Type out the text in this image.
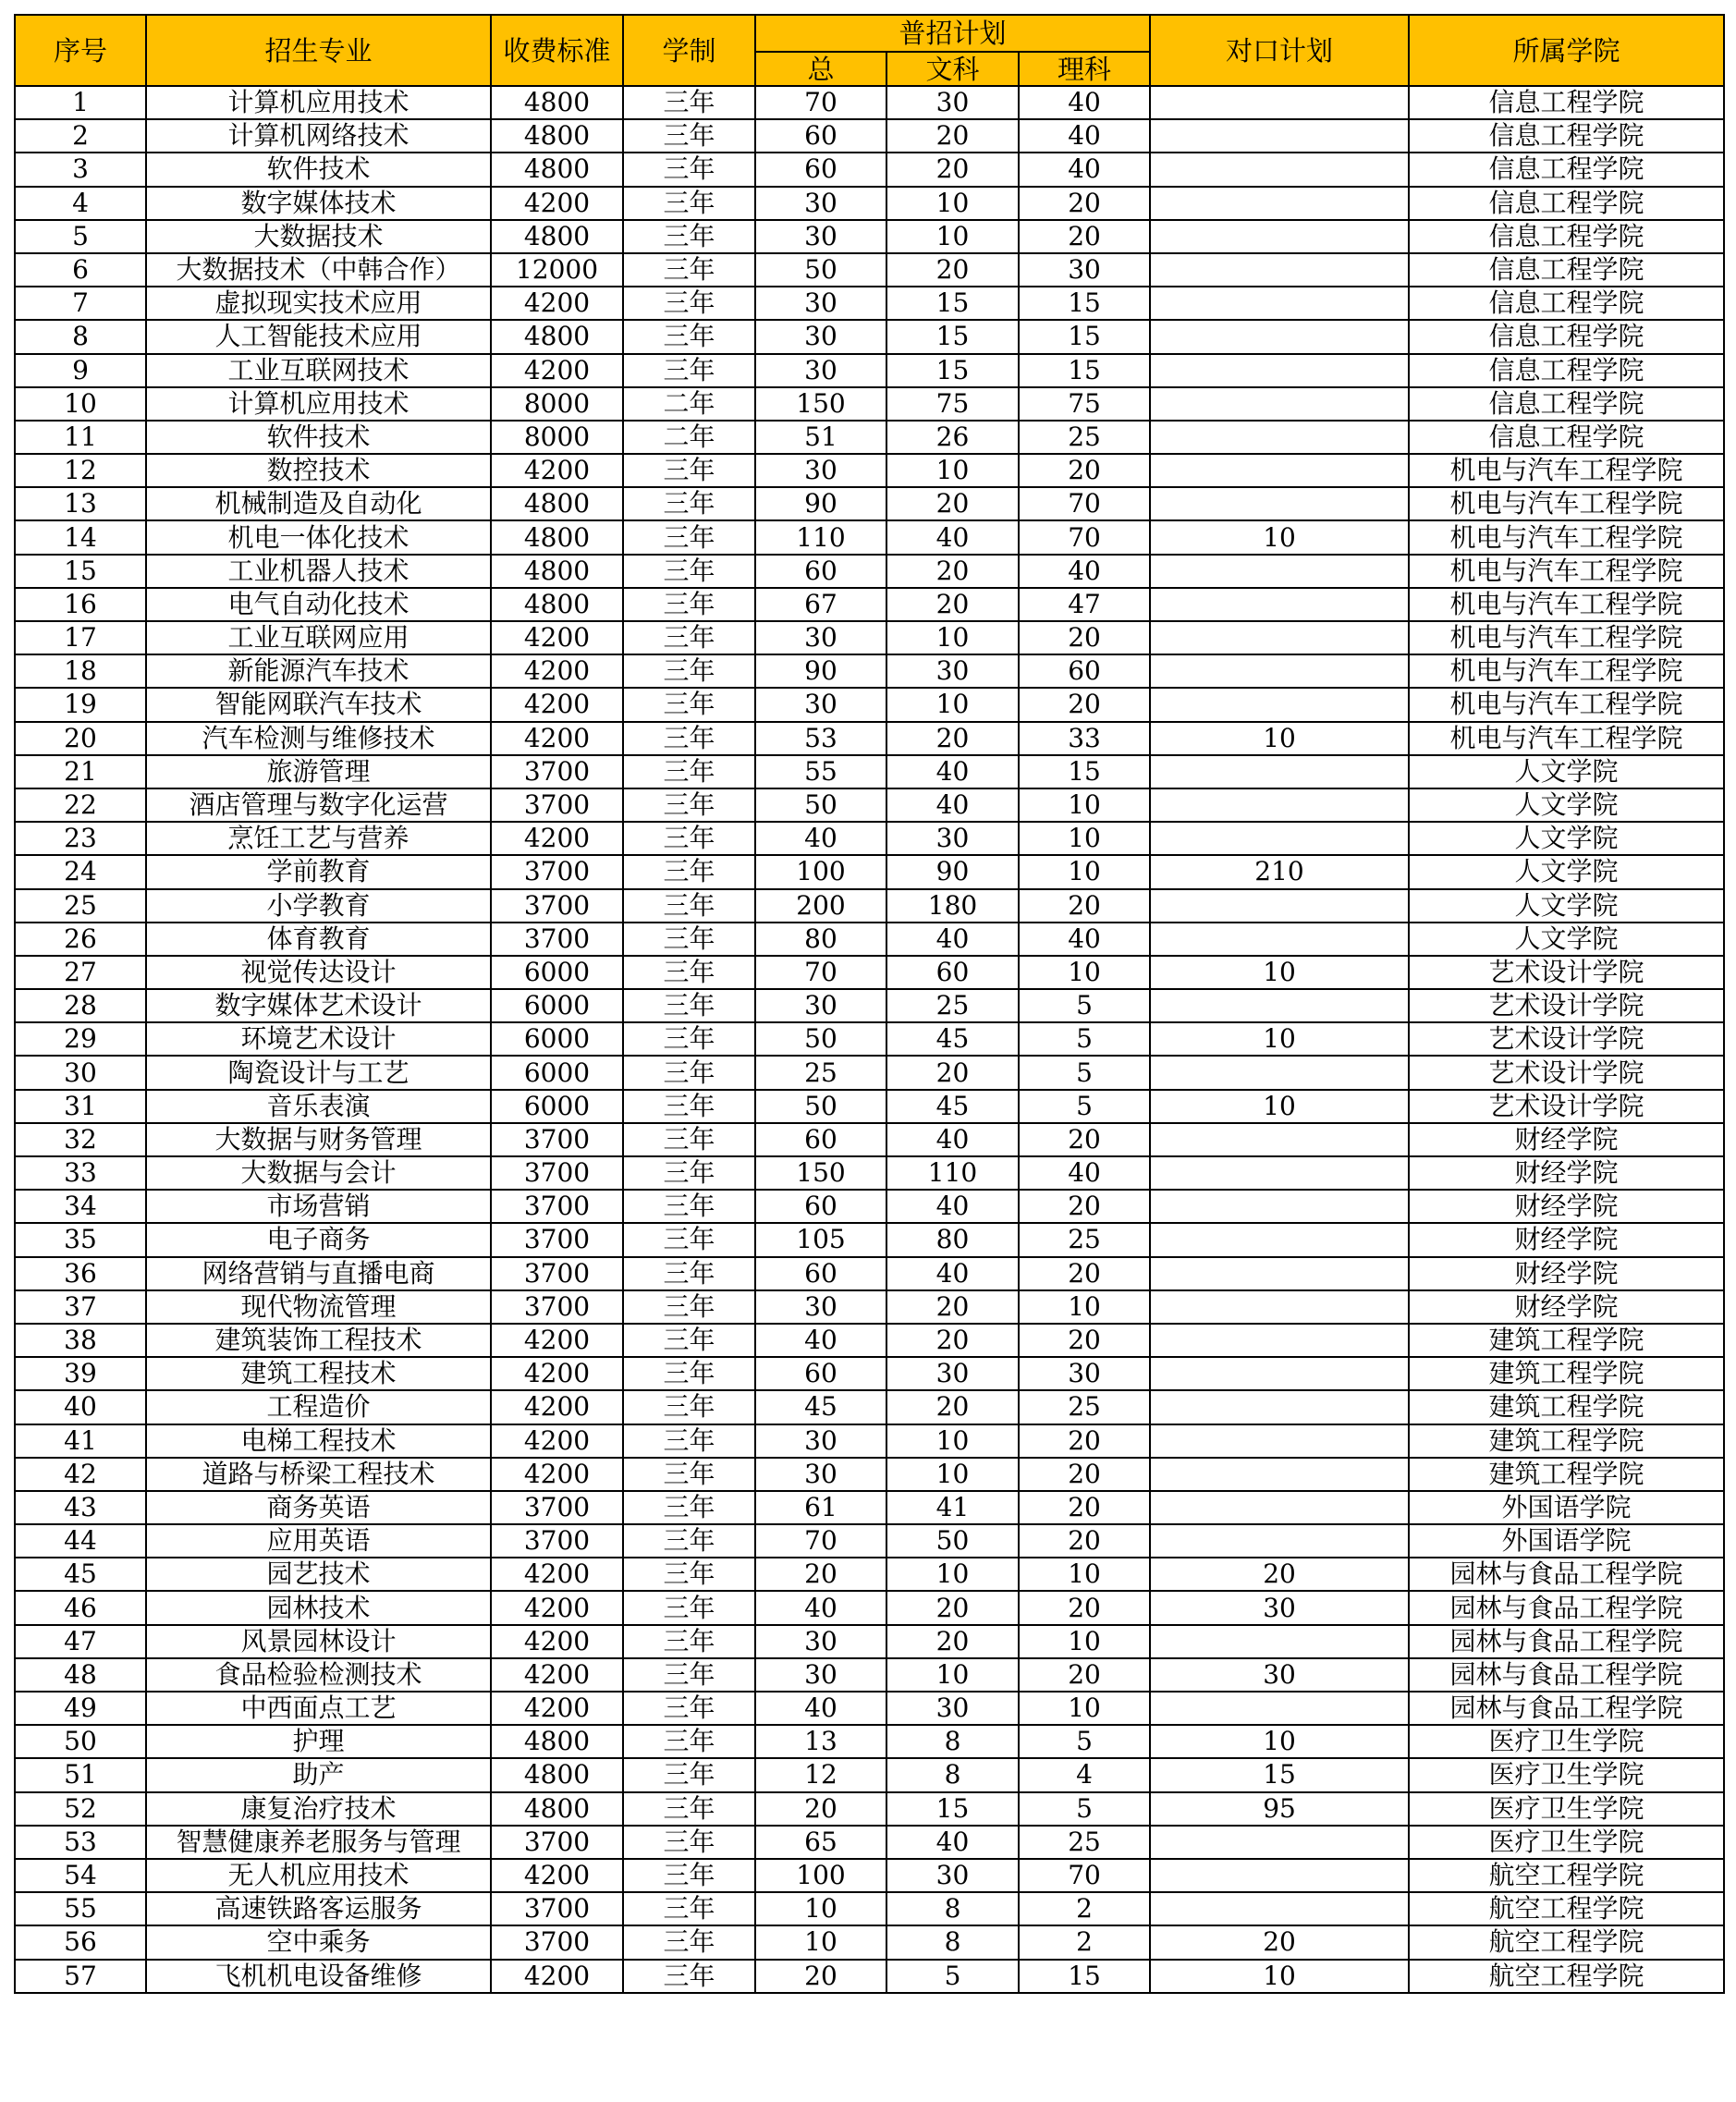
序号	招生专业	收费标准	学制	普招计划			对口计划	所属学院
				总	文科	理科		
1	计算机应用技术	4800	三年	70	30	40		信息工程学院
2	计算机网络技术	4800	三年	60	20	40		信息工程学院
3	软件技术	4800	三年	60	20	40		信息工程学院
4	数字媒体技术	4200	三年	30	10	20		信息工程学院
5	大数据技术	4800	三年	30	10	20		信息工程学院
6	大数据技术（中韩合作）	12000	三年	50	20	30		信息工程学院
7	虚拟现实技术应用	4200	三年	30	15	15		信息工程学院
8	人工智能技术应用	4800	三年	30	15	15		信息工程学院
9	工业互联网技术	4200	三年	30	15	15		信息工程学院
10	计算机应用技术	8000	二年	150	75	75		信息工程学院
11	软件技术	8000	二年	51	26	25		信息工程学院
12	数控技术	4200	三年	30	10	20		机电与汽车工程学院
13	机械制造及自动化	4800	三年	90	20	70		机电与汽车工程学院
14	机电一体化技术	4800	三年	110	40	70	10	机电与汽车工程学院
15	工业机器人技术	4800	三年	60	20	40		机电与汽车工程学院
16	电气自动化技术	4800	三年	67	20	47		机电与汽车工程学院
17	工业互联网应用	4200	三年	30	10	20		机电与汽车工程学院
18	新能源汽车技术	4200	三年	90	30	60		机电与汽车工程学院
19	智能网联汽车技术	4200	三年	30	10	20		机电与汽车工程学院
20	汽车检测与维修技术	4200	三年	53	20	33	10	机电与汽车工程学院
21	旅游管理	3700	三年	55	40	15		人文学院
22	酒店管理与数字化运营	3700	三年	50	40	10		人文学院
23	烹饪工艺与营养	4200	三年	40	30	10		人文学院
24	学前教育	3700	三年	100	90	10	210	人文学院
25	小学教育	3700	三年	200	180	20		人文学院
26	体育教育	3700	三年	80	40	40		人文学院
27	视觉传达设计	6000	三年	70	60	10	10	艺术设计学院
28	数字媒体艺术设计	6000	三年	30	25	5		艺术设计学院
29	环境艺术设计	6000	三年	50	45	5	10	艺术设计学院
30	陶瓷设计与工艺	6000	三年	25	20	5		艺术设计学院
31	音乐表演	6000	三年	50	45	5	10	艺术设计学院
32	大数据与财务管理	3700	三年	60	40	20		财经学院
33	大数据与会计	3700	三年	150	110	40		财经学院
34	市场营销	3700	三年	60	40	20		财经学院
35	电子商务	3700	三年	105	80	25		财经学院
36	网络营销与直播电商	3700	三年	60	40	20		财经学院
37	现代物流管理	3700	三年	30	20	10		财经学院
38	建筑装饰工程技术	4200	三年	40	20	20		建筑工程学院
39	建筑工程技术	4200	三年	60	30	30		建筑工程学院
40	工程造价	4200	三年	45	20	25		建筑工程学院
41	电梯工程技术	4200	三年	30	10	20		建筑工程学院
42	道路与桥梁工程技术	4200	三年	30	10	20		建筑工程学院
43	商务英语	3700	三年	61	41	20		外国语学院
44	应用英语	3700	三年	70	50	20		外国语学院
45	园艺技术	4200	三年	20	10	10	20	园林与食品工程学院
46	园林技术	4200	三年	40	20	20	30	园林与食品工程学院
47	风景园林设计	4200	三年	30	20	10		园林与食品工程学院
48	食品检验检测技术	4200	三年	30	10	20	30	园林与食品工程学院
49	中西面点工艺	4200	三年	40	30	10		园林与食品工程学院
50	护理	4800	三年	13	8	5	10	医疗卫生学院
51	助产	4800	三年	12	8	4	15	医疗卫生学院
52	康复治疗技术	4800	三年	20	15	5	95	医疗卫生学院
53	智慧健康养老服务与管理	3700	三年	65	40	25		医疗卫生学院
54	无人机应用技术	4200	三年	100	30	70		航空工程学院
55	高速铁路客运服务	3700	三年	10	8	2		航空工程学院
56	空中乘务	3700	三年	10	8	2	20	航空工程学院
57	飞机机电设备维修	4200	三年	20	5	15	10	航空工程学院
